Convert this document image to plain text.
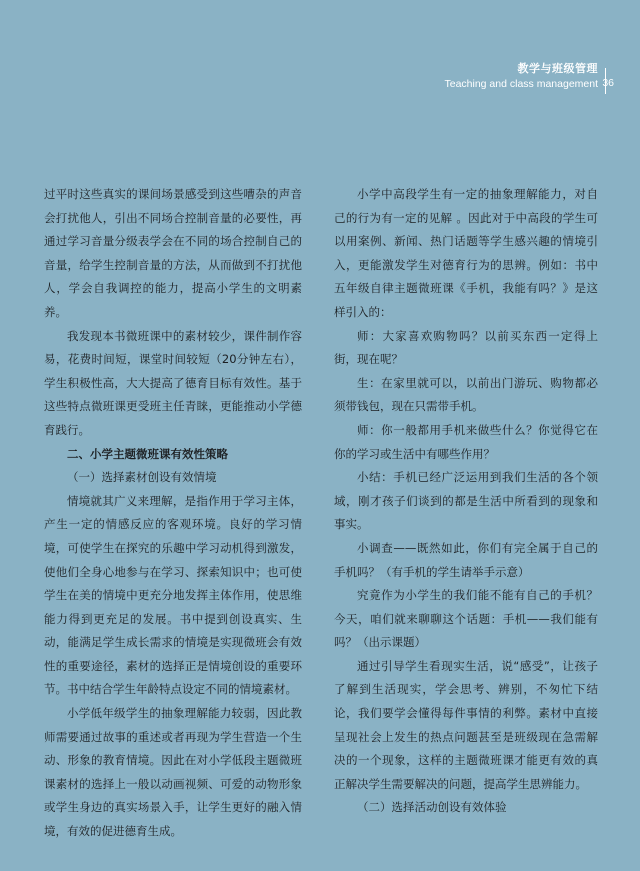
教学与班级管理
Teaching and class management 36

过平时这些真实的课间场景感受到这些嘈杂的声音会打扰他人，引出不同场合控制音量的必要性，再通过学习音量分级表学会在不同的场合控制自己的音量，给学生控制音量的方法，从而做到不打扰他人，学会自我调控的能力，提高小学生的文明素养。

我发现本书微班课中的素材较少，课件制作容易，花费时间短，课堂时间较短（20分钟左右），学生积极性高，大大提高了德育目标有效性。基于这些特点微班课更受班主任青睐，更能推动小学德育践行。

二、小学主题微班课有效性策略

（一）选择素材创设有效情境

情境就其广义来理解，是指作用于学习主体，产生一定的情感反应的客观环境。良好的学习情境，可使学生在探究的乐趣中学习动机得到激发，使他们全身心地参与在学习、探索知识中；也可使学生在美的情境中更充分地发挥主体作用，使思维能力得到更充足的发展。书中提到创设真实、生动，能满足学生成长需求的情境是实现微班会有效性的重要途径，素材的选择正是情境创设的重要环节。书中结合学生年龄特点设定不同的情境素材。

小学低年级学生的抽象理解能力较弱，因此教师需要通过故事的重述或者再现为学生营造一个生动、形象的教育情境。因此在对小学低段主题微班课素材的选择上一般以动画视频、可爱的动物形象或学生身边的真实场景入手，让学生更好的融入情境，有效的促进德育生成。

小学中高段学生有一定的抽象理解能力，对自己的行为有一定的见解 。因此对于中高段的学生可以用案例、新闻、热门话题等学生感兴趣的情境引入，更能激发学生对德育行为的思辨。例如：书中五年级自律主题微班课《手机，我能有吗？》是这样引入的：

师：大家喜欢购物吗？以前买东西一定得上街，现在呢？

生：在家里就可以，以前出门游玩、购物都必须带钱包，现在只需带手机。

师：你一般都用手机来做些什么？你觉得它在你的学习或生活中有哪些作用？

小结：手机已经广泛运用到我们生活的各个领域，刚才孩子们谈到的都是生活中所看到的现象和事实。

小调查——既然如此，你们有完全属于自己的手机吗？（有手机的学生请举手示意）

究竟作为小学生的我们能不能有自己的手机？今天，咱们就来聊聊这个话题：手机——我们能有吗？（出示课题）

通过引导学生看现实生活，说“感受”，让孩子了解到生活现实，学会思考、辨别，不匆忙下结论，我们要学会懂得每件事情的利弊。素材中直接呈现社会上发生的热点问题甚至是班级现在急需解决的一个现象，这样的主题微班课才能更有效的真正解决学生需要解决的问题，提高学生思辨能力。

（二）选择活动创设有效体验
